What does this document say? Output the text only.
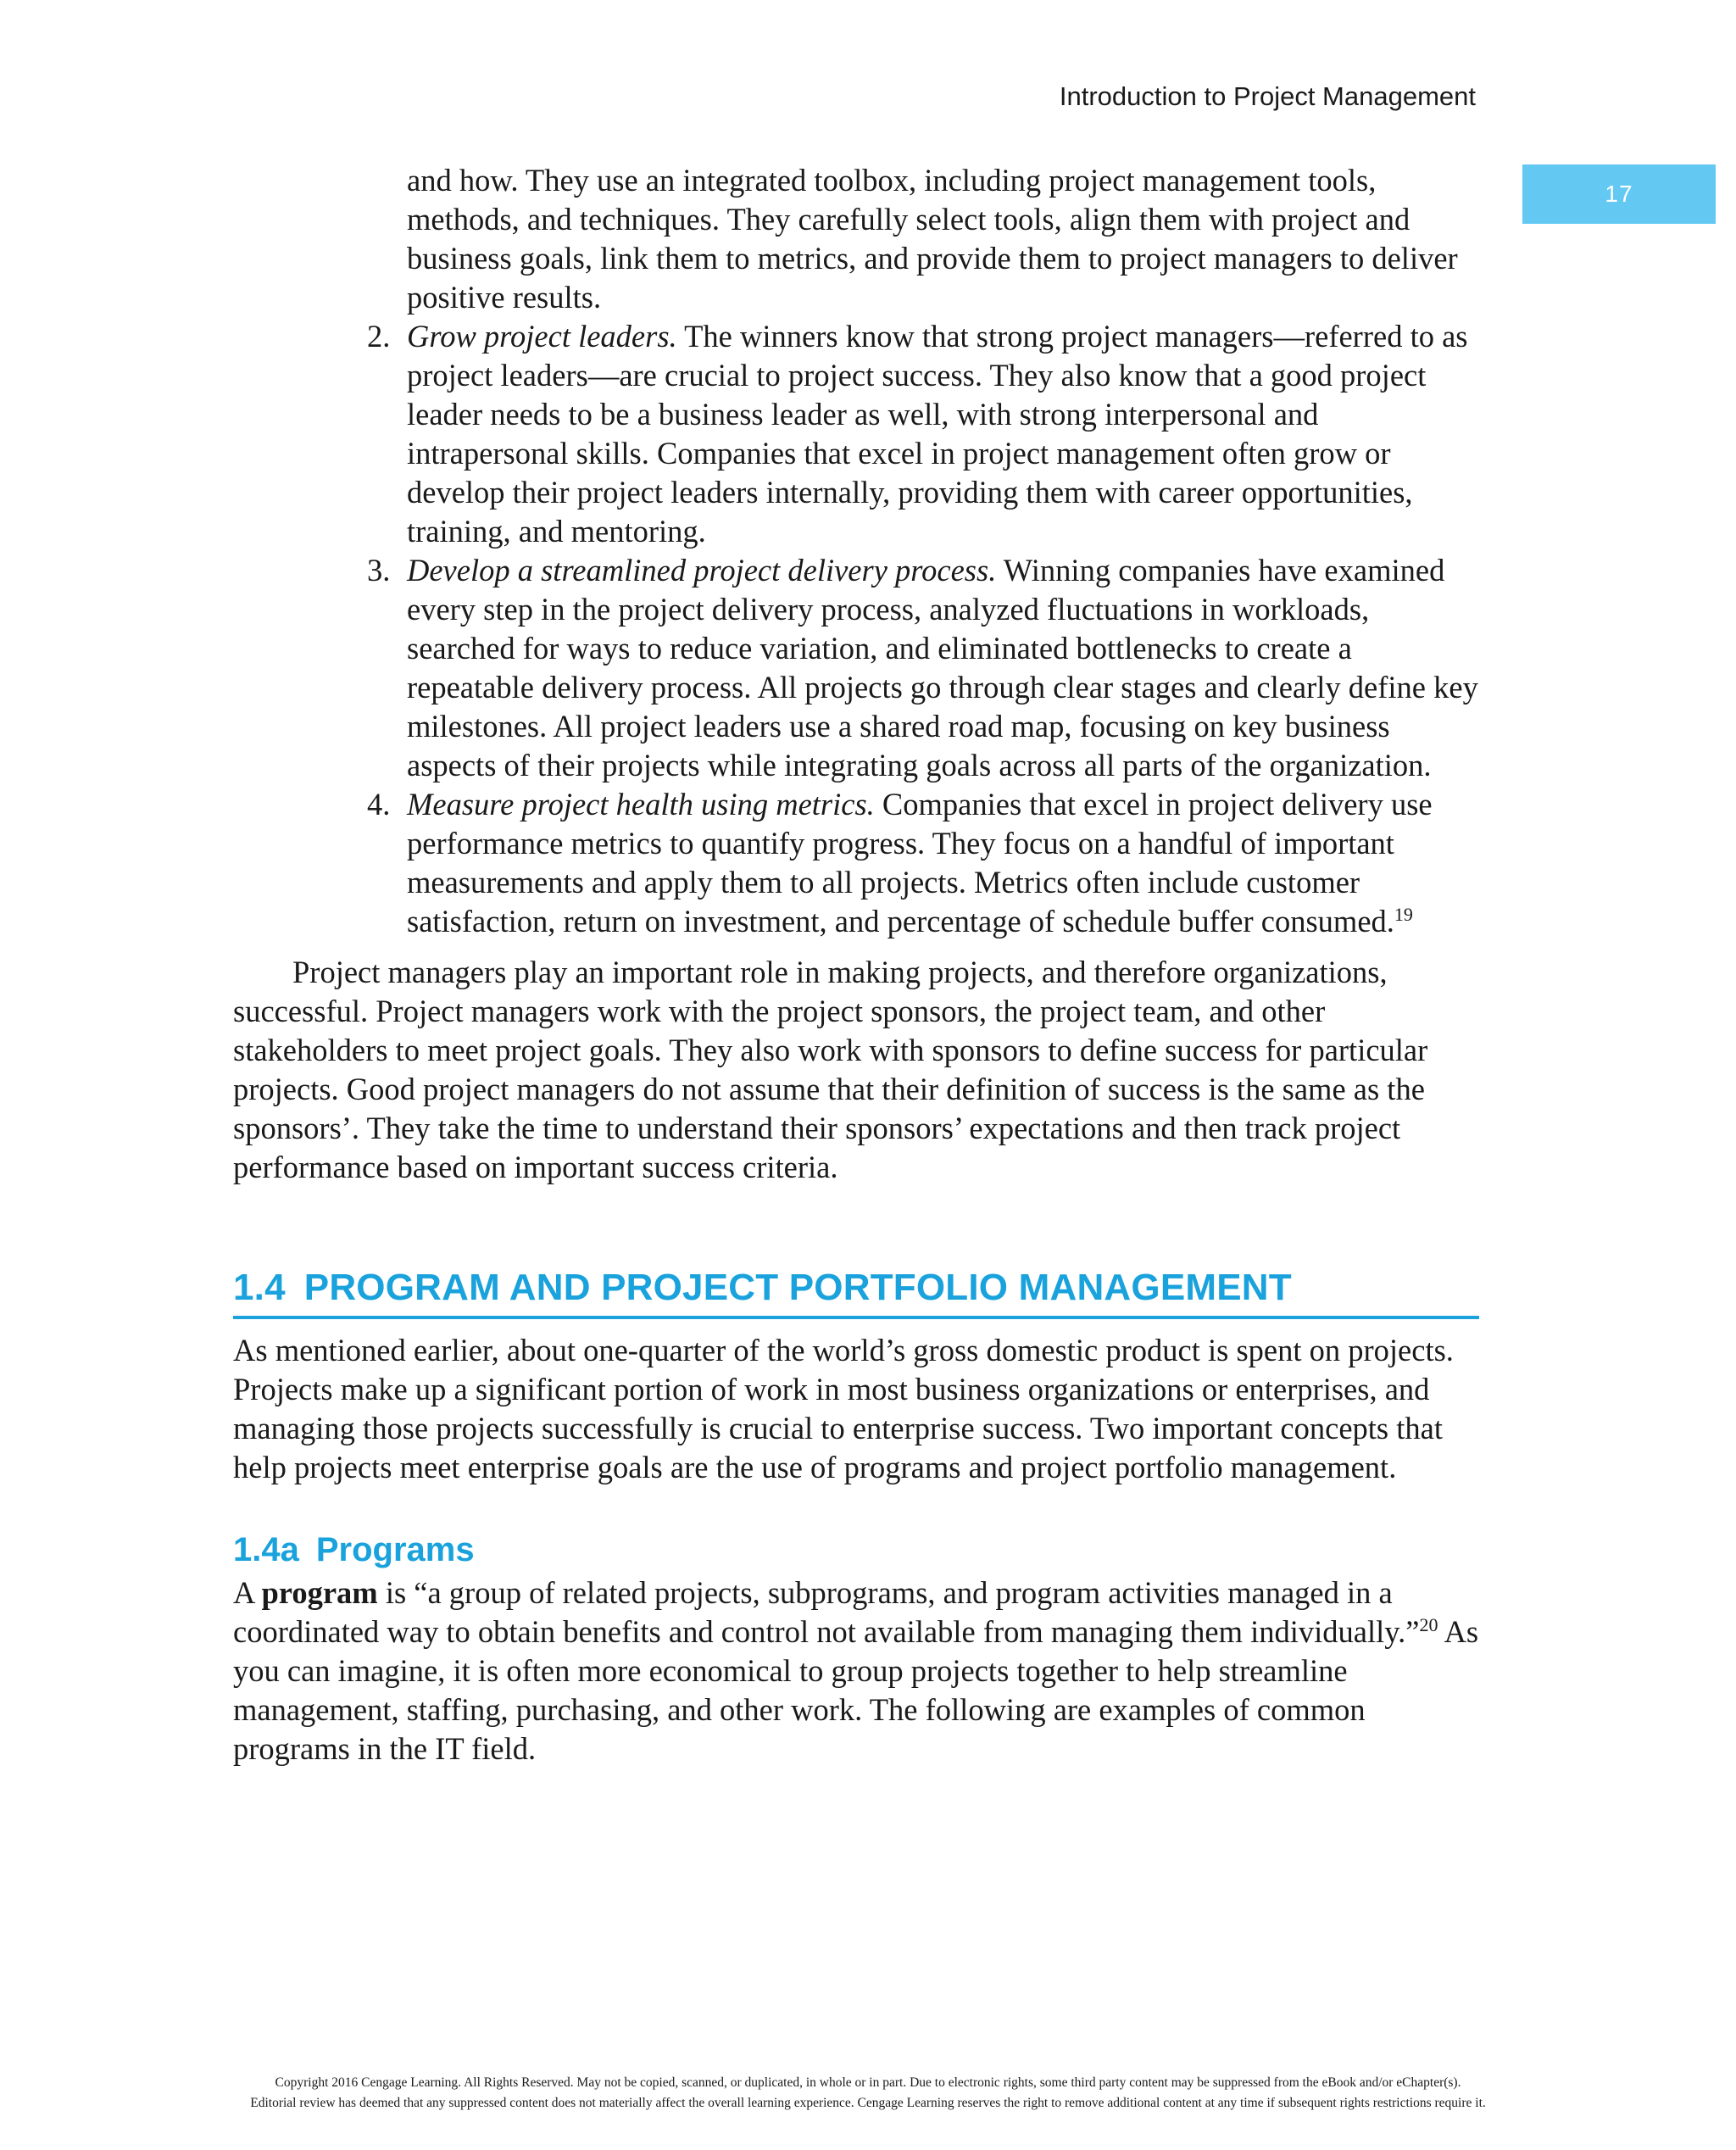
Introduction to Project Management
17

and how. They use an integrated toolbox, including project management tools, methods, and techniques. They carefully select tools, align them with project and business goals, link them to metrics, and provide them to project managers to deliver positive results.

2. Grow project leaders. The winners know that strong project managers—referred to as project leaders—are crucial to project success. They also know that a good project leader needs to be a business leader as well, with strong interpersonal and intrapersonal skills. Companies that excel in project management often grow or develop their project leaders internally, providing them with career opportunities, training, and mentoring.
3. Develop a streamlined project delivery process. Winning companies have examined every step in the project delivery process, analyzed fluctuations in workloads, searched for ways to reduce variation, and eliminated bottlenecks to create a repeatable delivery process. All projects go through clear stages and clearly define key milestones. All project leaders use a shared road map, focusing on key business aspects of their projects while integrating goals across all parts of the organization.
4. Measure project health using metrics. Companies that excel in project delivery use performance metrics to quantify progress. They focus on a handful of important measurements and apply them to all projects. Metrics often include customer satisfaction, return on investment, and percentage of schedule buffer consumed.$^{19}$

Project managers play an important role in making projects, and therefore organizations, successful. Project managers work with the project sponsors, the project team, and other stakeholders to meet project goals. They also work with sponsors to define success for particular projects. Good project managers do not assume that their definition of success is the same as the sponsors’. They take the time to understand their sponsors’ expectations and then track project performance based on important success criteria.

1.4 PROGRAM AND PROJECT PORTFOLIO MANAGEMENT

As mentioned earlier, about one-quarter of the world’s gross domestic product is spent on projects. Projects make up a significant portion of work in most business organizations or enterprises, and managing those projects successfully is crucial to enterprise success. Two important concepts that help projects meet enterprise goals are the use of programs and project portfolio management.

1.4a Programs

A program is “a group of related projects, subprograms, and program activities managed in a coordinated way to obtain benefits and control not available from managing them individually.”$^{20}$ As you can imagine, it is often more economical to group projects together to help streamline management, staffing, purchasing, and other work. The following are examples of common programs in the IT field.

Copyright 2016 Cengage Learning. All Rights Reserved. May not be copied, scanned, or duplicated, in whole or in part. Due to electronic rights, some third party content may be suppressed from the eBook and/or eChapter(s).
Editorial review has deemed that any suppressed content does not materially affect the overall learning experience. Cengage Learning reserves the right to remove additional content at any time if subsequent rights restrictions require it.
